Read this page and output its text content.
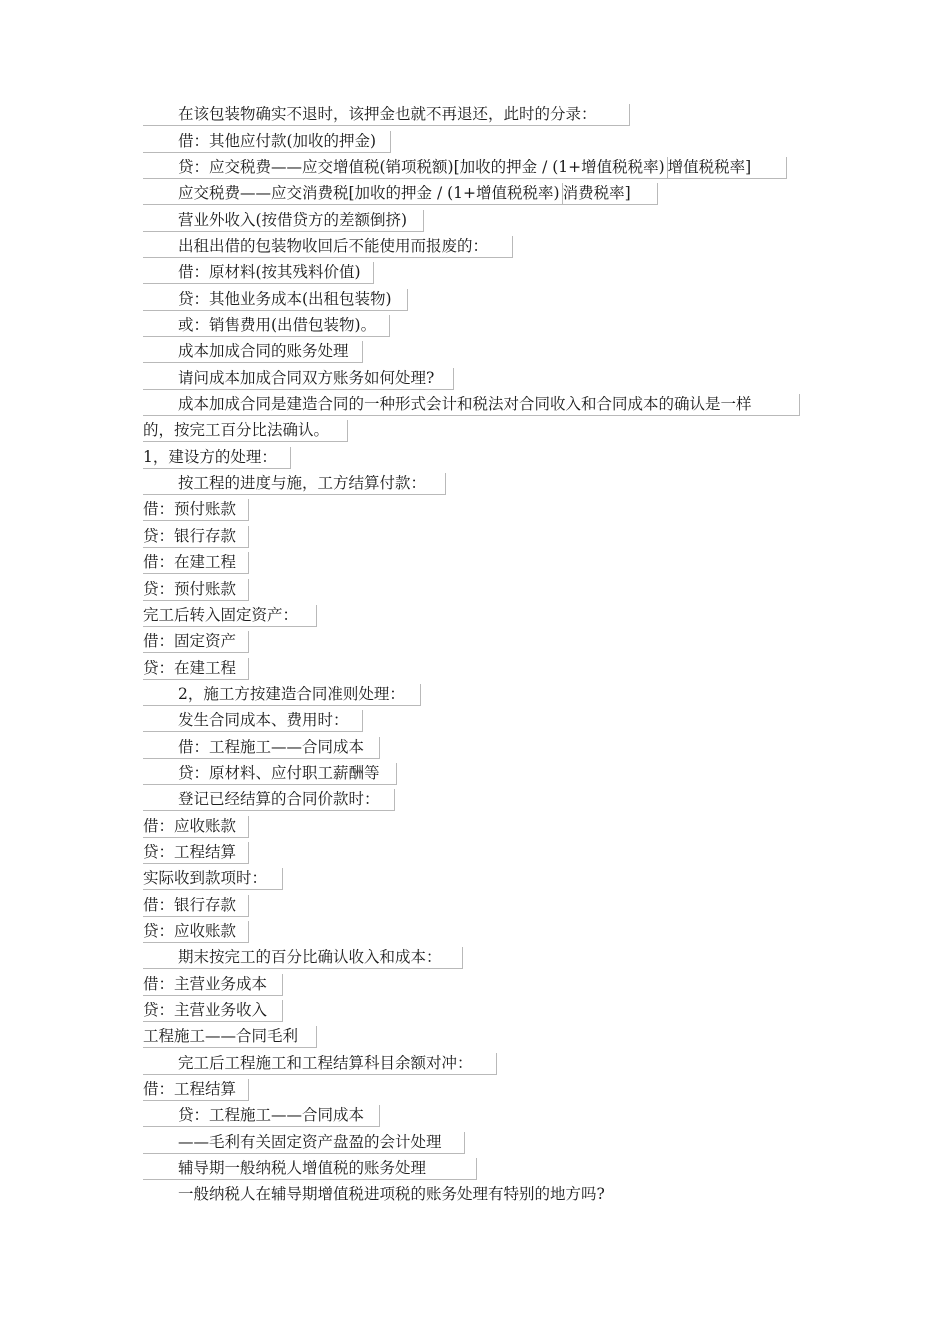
在该包装物确实不退时，该押金也就不再退还，此时的分录：
借：其他应付款(加收的押金)
贷：应交税费——应交增值税(销项税额)[加收的押金 / (1+增值税税率) 增值税税率]
应交税费——应交消费税[加收的押金 / (1+增值税税率) 消费税率]
营业外收入(按借贷方的差额倒挤)
出租出借的包装物收回后不能使用而报废的：
借：原材料(按其残料价值)
贷：其他业务成本(出租包装物)
或：销售费用(出借包装物)。
成本加成合同的账务处理
请问成本加成合同双方账务如何处理?
成本加成合同是建造合同的一种形式会计和税法对合同收入和合同成本的确认是一样
的，按完工百分比法确认。
1，建设方的处理：
按工程的进度与施，工方结算付款：
借：预付账款
贷：银行存款
借：在建工程
贷：预付账款
完工后转入固定资产：
借：固定资产
贷：在建工程
2，施工方按建造合同准则处理：
发生合同成本、费用时：
借：工程施工——合同成本
贷：原材料、应付职工薪酬等
登记已经结算的合同价款时：
借：应收账款
贷：工程结算
实际收到款项时：
借：银行存款
贷：应收账款
期末按完工的百分比确认收入和成本：
借：主营业务成本
贷：主营业务收入
工程施工——合同毛利
完工后工程施工和工程结算科目余额对冲：
借：工程结算
贷：工程施工——合同成本
——毛利有关固定资产盘盈的会计处理
辅导期一般纳税人增值税的账务处理
一般纳税人在辅导期增值税进项税的账务处理有特别的地方吗?
